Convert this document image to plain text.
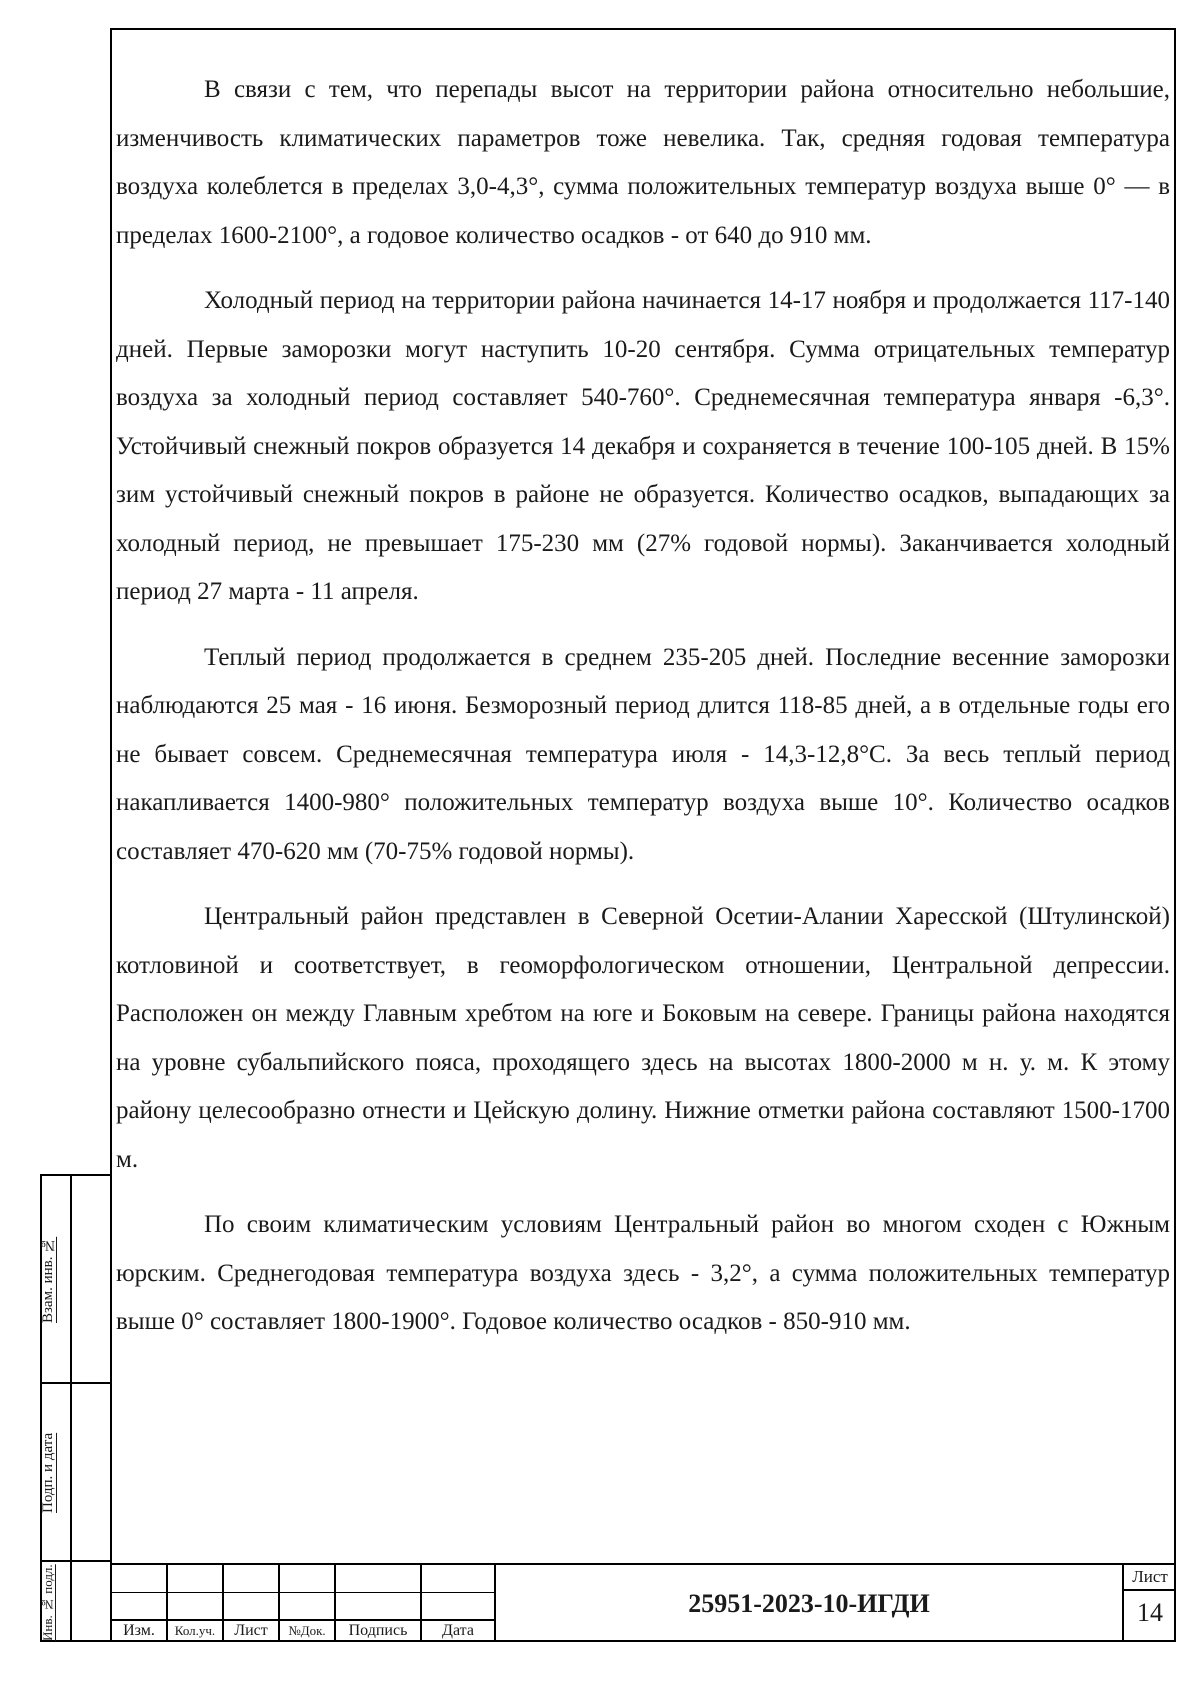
В связи с тем, что перепады высот на территории района относительно небольшие, изменчивость климатических параметров тоже невелика. Так, средняя годовая температура воздуха колеблется в пределах 3,0-4,3°, сумма положительных температур воздуха выше 0° — в пределах 1600-2100°, а годовое количество осадков - от 640 до 910 мм.

Холодный период на территории района начинается 14-17 ноября и продолжается 117-140 дней. Первые заморозки могут наступить 10-20 сентября. Сумма отрицательных температур воздуха за холодный период составляет 540-760°. Среднемесячная температура января -6,3°. Устойчивый снежный покров образуется 14 декабря и сохраняется в течение 100-105 дней. В 15% зим устойчивый снежный покров в районе не образуется. Количество осадков, выпадающих за холодный период, не превышает 175-230 мм (27% годовой нормы). Заканчивается холодный период 27 марта - 11 апреля.

Теплый период продолжается в среднем 235-205 дней. Последние весенние заморозки наблюдаются 25 мая - 16 июня. Безморозный период длится 118-85 дней, а в отдельные годы его не бывает совсем. Среднемесячная температура июля - 14,3-12,8°С. За весь теплый период накапливается 1400-980° положительных температур воздуха выше 10°. Количество осадков составляет 470-620 мм (70-75% годовой нормы).

Центральный район представлен в Северной Осетии-Алании Харесской (Штулинской) котловиной и соответствует, в геоморфологическом отношении, Центральной депрессии. Расположен он между Главным хребтом на юге и Боковым на севере. Границы района находятся на уровне субальпийского пояса, проходящего здесь на высотах 1800-2000 м н. у. м. К этому району целесообразно отнести и Цейскую долину. Нижние отметки района составляют 1500-1700 м.

По своим климатическим условиям Центральный район во многом сходен с Южным юрским. Среднегодовая температура воздуха здесь - 3,2°, а сумма положительных температур выше 0° составляет 1800-1900°. Годовое количество осадков - 850-910 мм.

Взам. инв. №
Подп. и дата
Инв. № подл.	Изм.	Кол.уч.	Лист	№Док.	Подпись	Дата
25951-2023-10-ИГДИ
Лист
14
